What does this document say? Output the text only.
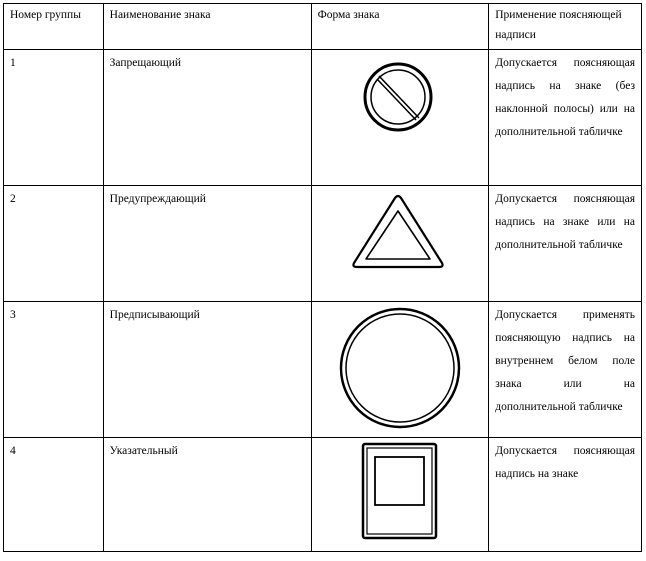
Номер группы	Наименование знака	Форма знака	Применение поясняющей надписи
1	Запрещающий		Допускается поясняющая надпись на знаке (без наклонной полосы) или на дополнительной табличке
2	Предупреждающий		Допускается поясняющая надпись на знаке или на дополнительной табличке
3	Предписывающий		Допускается применять поясняющую надпись на внутреннем белом поле знака или на дополнительной табличке
4	Указательный		Допускается поясняющая надпись на знаке
